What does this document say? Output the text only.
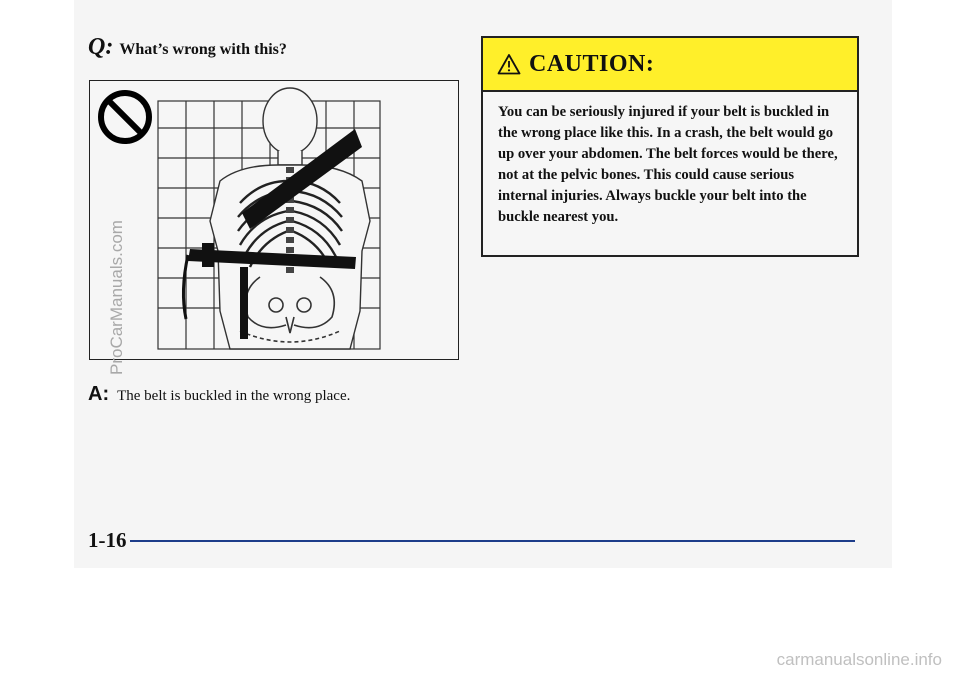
Q: What’s wrong with this?
A: The belt is buckled in the wrong place.
CAUTION:
You can be seriously injured if your belt is buckled in the wrong place like this. In a crash, the belt would go up over your abdomen. The belt forces would be there, not at the pelvic bones. This could cause serious internal injuries. Always buckle your belt into the buckle nearest you.
1-16
ProCarManuals.com
carmanualsonline.info
